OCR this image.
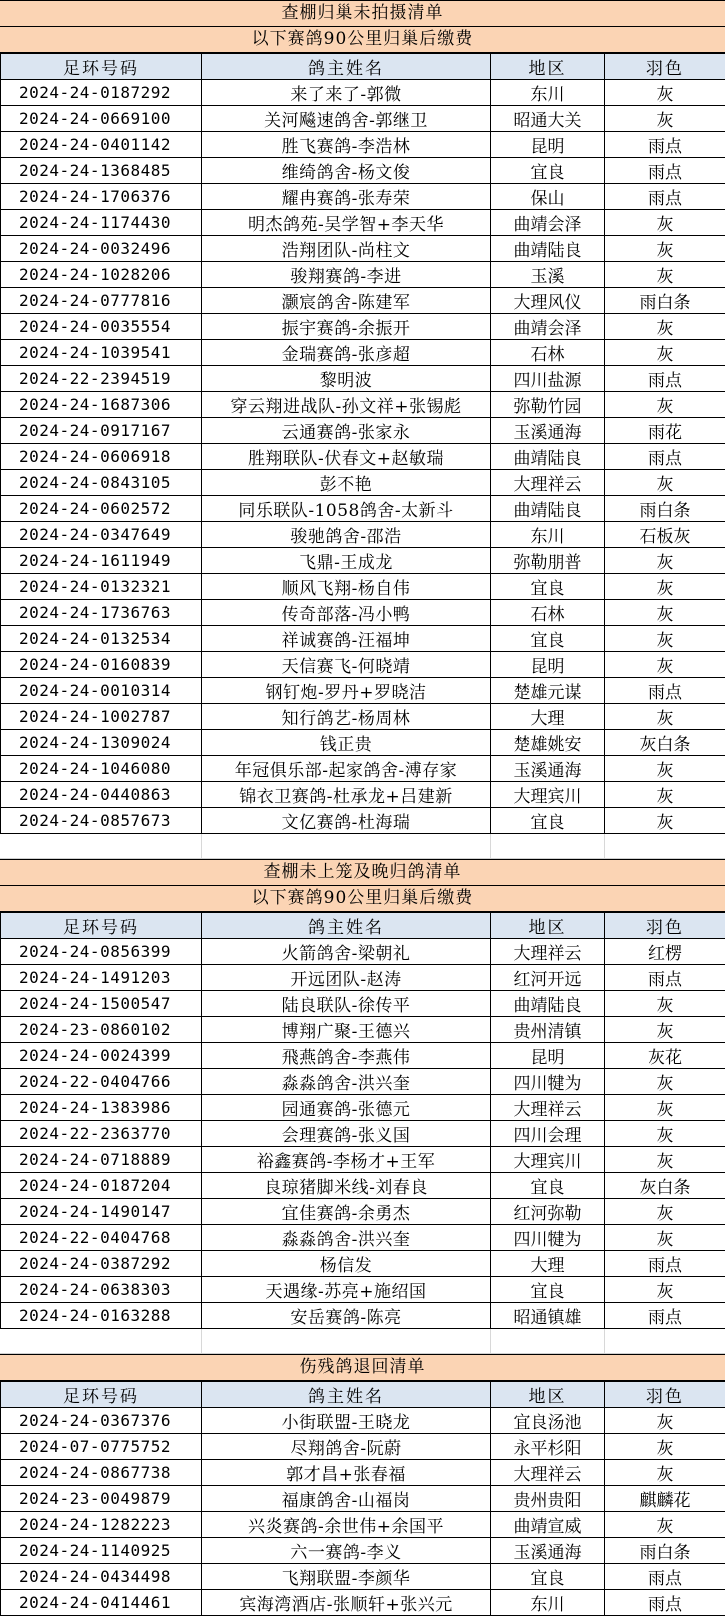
查棚归巢未拍摄清单
以下赛鸽90公里归巢后缴费
足环号码	鸽主姓名	地区	羽色
2024-24-0187292	来了来了-郭微	东川	灰
2024-24-0669100	关河飚速鸽舍-郭继卫	昭通大关	灰
2024-24-0401142	胜飞赛鸽-李浩林	昆明	雨点
2024-24-1368485	维绮鸽舍-杨文俊	宜良	雨点
2024-24-1706376	耀冉赛鸽-张寿荣	保山	雨点
2024-24-1174430	明杰鸽苑-吴学智+李天华	曲靖会泽	灰
2024-24-0032496	浩翔团队-尚柱文	曲靖陆良	灰
2024-24-1028206	骏翔赛鸽-李进	玉溪	灰
2024-24-0777816	灏宸鸽舍-陈建军	大理风仪	雨白条
2024-24-0035554	振宇赛鸽-余振开	曲靖会泽	灰
2024-24-1039541	金瑞赛鸽-张彦超	石林	灰
2024-22-2394519	黎明波	四川盐源	雨点
2024-24-1687306	穿云翔进战队-孙文祥+张锡彪	弥勒竹园	灰
2024-24-0917167	云通赛鸽-张家永	玉溪通海	雨花
2024-24-0606918	胜翔联队-伏春文+赵敏瑞	曲靖陆良	雨点
2024-24-0843105	彭不艳	大理祥云	灰
2024-24-0602572	同乐联队-1058鸽舍-太新斗	曲靖陆良	雨白条
2024-24-0347649	骏驰鸽舍-邵浩	东川	石板灰
2024-24-1611949	飞鼎-王成龙	弥勒朋普	灰
2024-24-0132321	顺风飞翔-杨自伟	宜良	灰
2024-24-1736763	传奇部落-冯小鸭	石林	灰
2024-24-0132534	祥诚赛鸽-汪福坤	宜良	灰
2024-24-0160839	天信赛飞-何晓靖	昆明	灰
2024-24-0010314	钢钉炮-罗丹+罗晓洁	楚雄元谋	雨点
2024-24-1002787	知行鸽艺-杨周林	大理	灰
2024-24-1309024	钱正贵	楚雄姚安	灰白条
2024-24-1046080	年冠俱乐部-起家鸽舍-溥存家	玉溪通海	灰
2024-24-0440863	锦衣卫赛鸽-杜承龙+吕建新	大理宾川	灰
2024-24-0857673	文亿赛鸽-杜海瑞	宜良	灰
查棚未上笼及晚归鸽清单
以下赛鸽90公里归巢后缴费
足环号码	鸽主姓名	地区	羽色
2024-24-0856399	火箭鸽舍-梁朝礼	大理祥云	红楞
2024-24-1491203	开远团队-赵涛	红河开远	雨点
2024-24-1500547	陆良联队-徐传平	曲靖陆良	灰
2024-23-0860102	博翔广聚-王德兴	贵州清镇	灰
2024-24-0024399	飛燕鸽舍-李燕伟	昆明	灰花
2024-22-0404766	淼淼鸽舍-洪兴奎	四川犍为	灰
2024-24-1383986	园通赛鸽-张德元	大理祥云	灰
2024-22-2363770	会理赛鸽-张义国	四川会理	灰
2024-24-0718889	裕鑫赛鸽-李杨才+王军	大理宾川	灰
2024-24-0187204	良琼猪脚米线-刘春良	宜良	灰白条
2024-24-1490147	宜佳赛鸽-余勇杰	红河弥勒	灰
2024-22-0404768	淼淼鸽舍-洪兴奎	四川犍为	灰
2024-24-0387292	杨信发	大理	雨点
2024-24-0638303	天遇缘-苏亮+施绍国	宜良	灰
2024-24-0163288	安岳赛鸽-陈亮	昭通镇雄	雨点
伤残鸽退回清单
足环号码	鸽主姓名	地区	羽色
2024-24-0367376	小街联盟-王晓龙	宜良汤池	灰
2024-07-0775752	尽翔鸽舍-阮蔚	永平杉阳	灰
2024-24-0867738	郭才昌+张春福	大理祥云	灰
2024-23-0049879	福康鸽舍-山福岗	贵州贵阳	麒麟花
2024-24-1282223	兴炎赛鸽-余世伟+余国平	曲靖宣威	灰
2024-24-1140925	六一赛鸽-李义	玉溪通海	雨白条
2024-24-0434498	飞翔联盟-李颜华	宜良	雨点
2024-24-0414461	宾海湾酒店-张顺轩+张兴元	东川	雨点
